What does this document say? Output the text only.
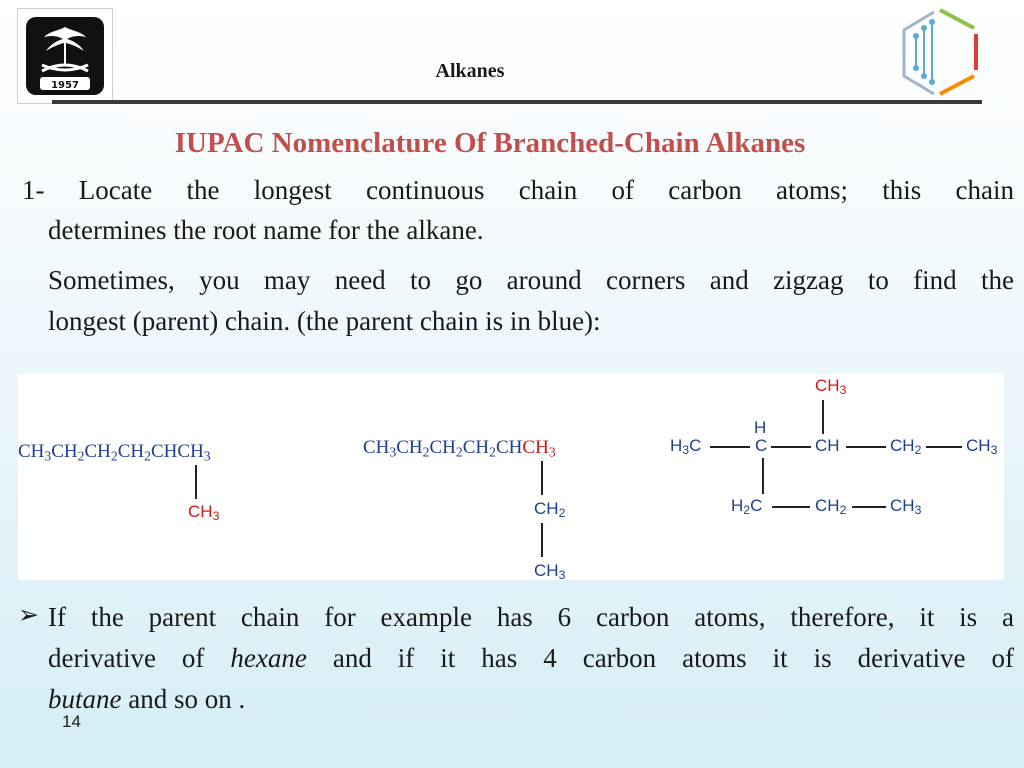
1957
Alkanes
IUPAC Nomenclature Of Branched-Chain Alkanes
1- Locate the longest continuous chain of carbon atoms; this chain
determines the root name for the alkane.
Sometimes, you may need to go around corners and zigzag to find the
longest (parent) chain. (the parent chain is in blue):
$CH_3CH_2CH_2CH_2CHCH_3$
$CH_3$
$CH_3CH_2CH_2CH_2CHCH_3$
$CH_2$
$CH_3$
$CH_3$
$H_3C$
H
C	CH	$CH_2$	$CH_3$
$H_2C$	$CH_2$	$CH_3$
➢ If the parent chain for example has 6 carbon atoms, therefore, it is a
derivative of hexane and if it has 4 carbon atoms it is derivative of
butane and so on .
14
